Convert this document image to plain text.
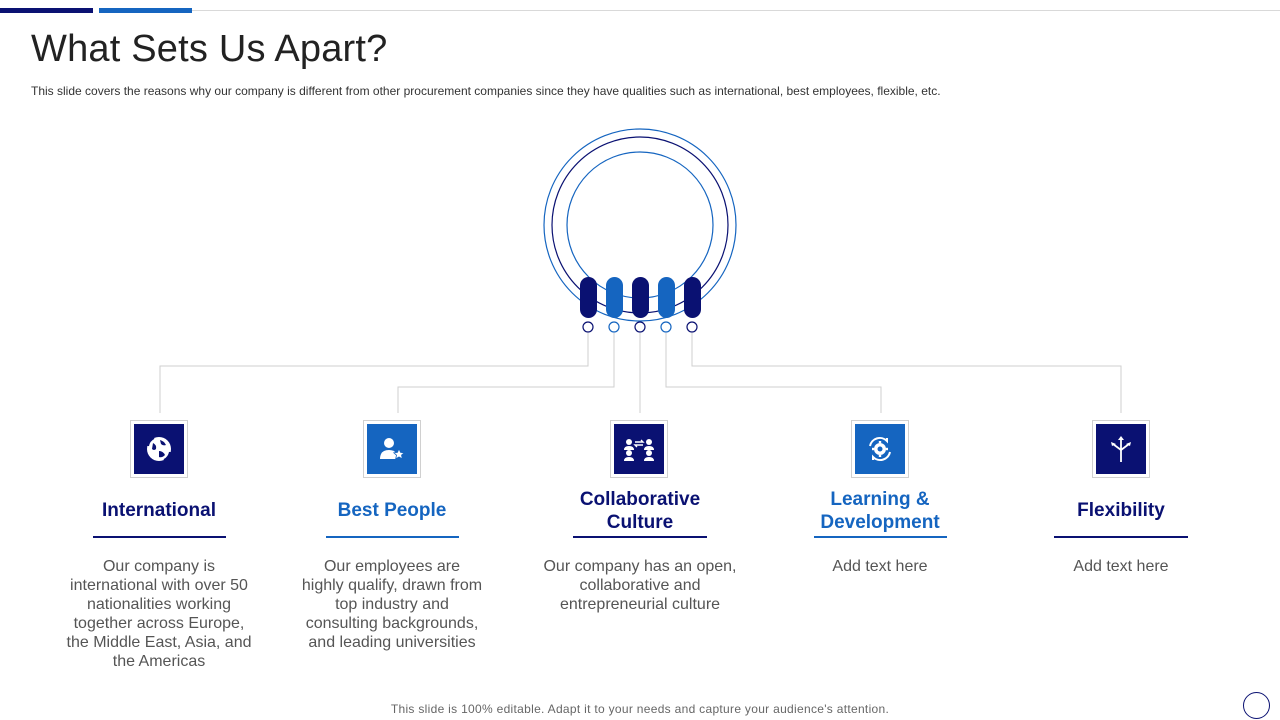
What Sets Us Apart?

This slide covers the reasons why our company is different from other procurement companies since they have qualities such as international, best employees, flexible, etc.

International
Our company is
international with over 50
nationalities working
together across Europe,
the Middle East, Asia, and
the Americas
Best People
Our employees are
highly qualify, drawn from
top industry and
consulting backgrounds,
and leading universities
Collaborative
Culture
Our company has an open,
collaborative and
entrepreneurial culture
Learning &
Development
Add text here
Flexibility
Add text here
This slide is 100% editable. Adapt it to your needs and capture your audience's attention.
